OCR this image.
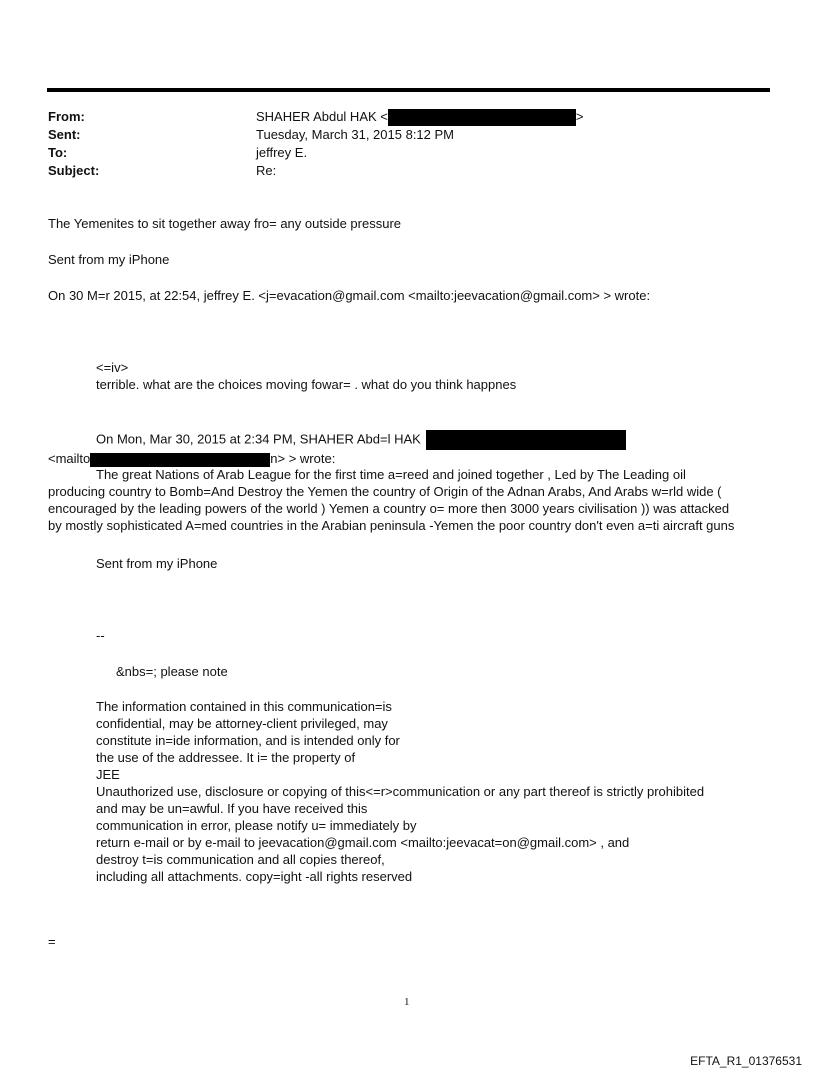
From:	SHAHER Abdul HAK <	>
Sent:	Tuesday, March 31, 2015 8:12 PM
To:	jeffrey E.
Subject:	Re:
The Yemenites to sit together away fro= any outside pressure
Sent from my iPhone
On 30 M=r 2015, at 22:54, jeffrey E. <j=evacation@gmail.com <mailto:jeevacation@gmail.com> > wrote:
<=iv>
terrible. what are the choices moving fowar= . what do you think happnes
On Mon, Mar 30, 2015 at 2:34 PM, SHAHER Abd=l HAK
<mailto	n> > wrote:
The great Nations of Arab League for the first time a=reed and joined together , Led by The Leading oil
producing country to Bomb=And Destroy the Yemen the country of Origin of the Adnan Arabs, And Arabs w=rld wide (
encouraged by the leading powers of the world ) Yemen a country o= more then 3000 years civilisation )) was attacked
by mostly sophisticated A=med countries in the Arabian peninsula -Yemen the poor country don't even a=ti aircraft guns
Sent from my iPhone
--
&nbs=; please note
The information contained in this communication=is
confidential, may be attorney-client privileged, may
constitute in=ide information, and is intended only for
the use of the addressee. It i= the property of
JEE
Unauthorized use, disclosure or copying of this<=r>communication or any part thereof is strictly prohibited
and may be un=awful. If you have received this
communication in error, please notify u= immediately by
return e-mail or by e-mail to jeevacation@gmail.com <mailto:jeevacat=on@gmail.com> , and
destroy t=is communication and all copies thereof,
including all attachments. copy=ight -all rights reserved
=
1
EFTA_R1_01376531
